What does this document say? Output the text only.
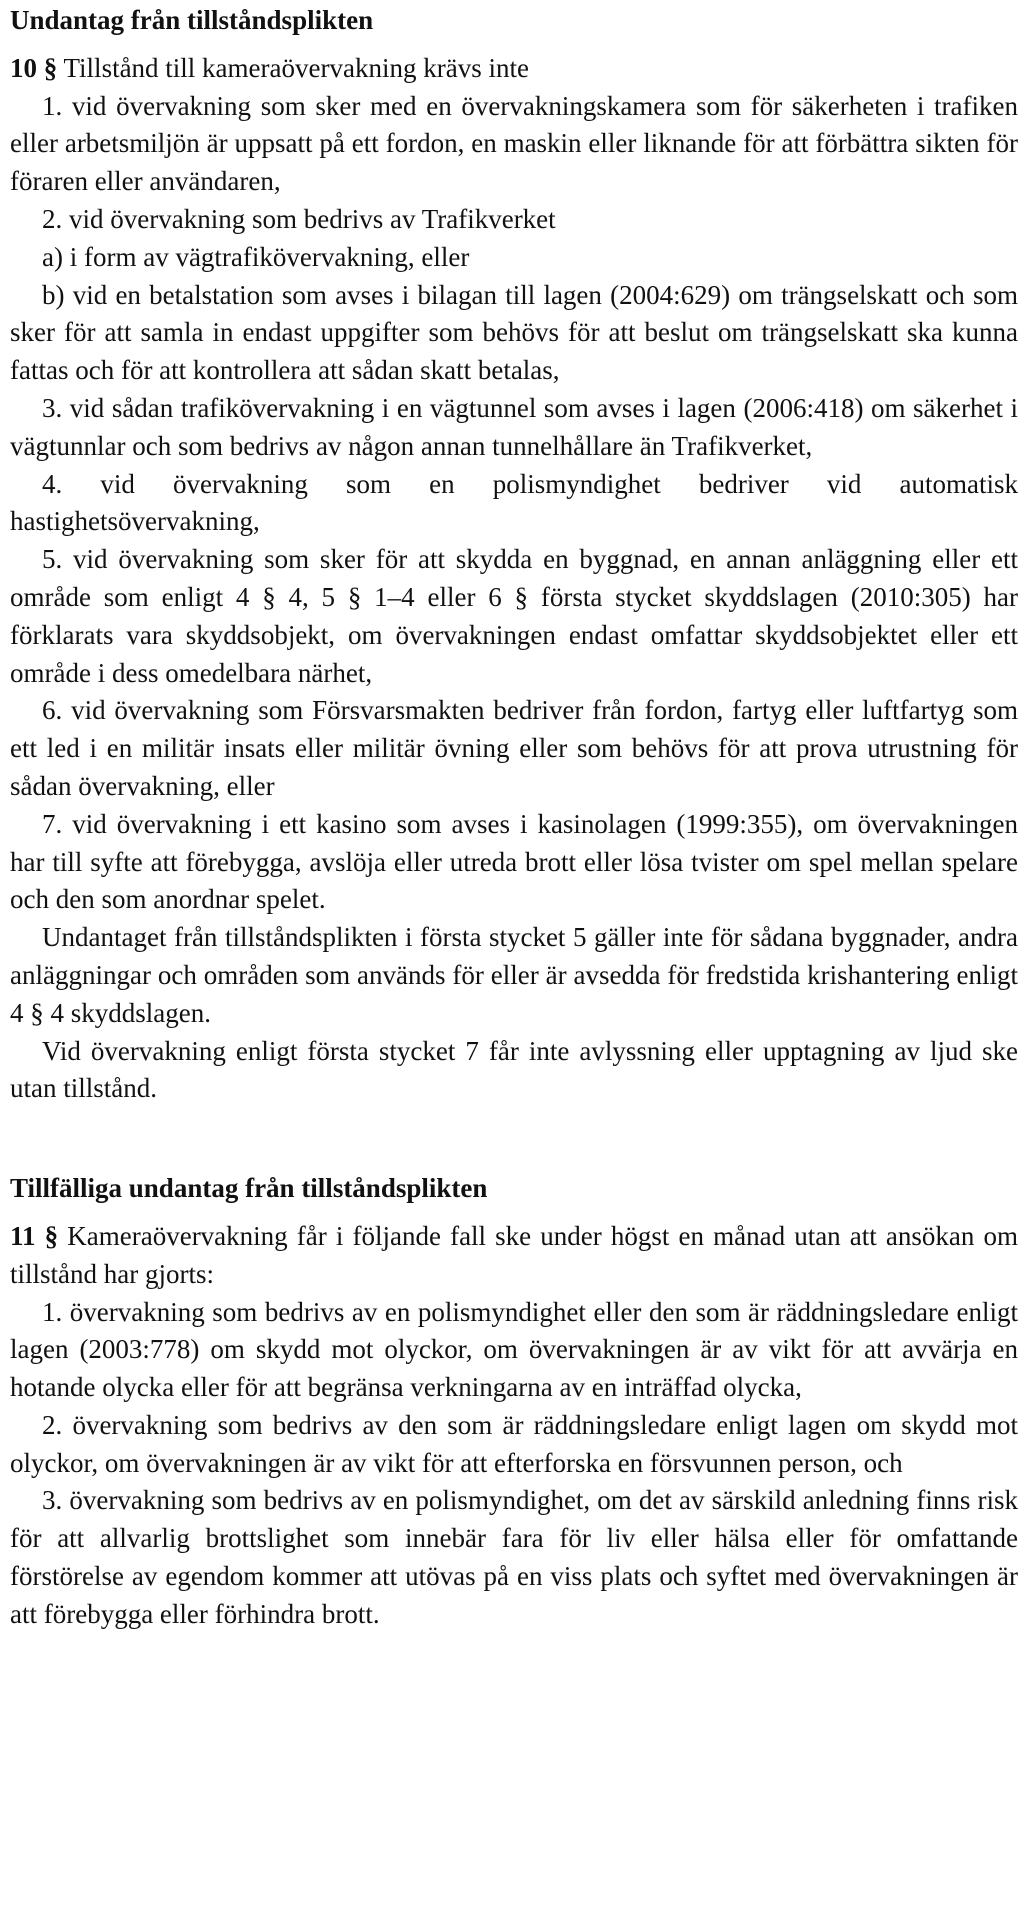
Undantag från tillståndsplikten

10 § Tillstånd till kameraövervakning krävs inte

1. vid övervakning som sker med en övervakningskamera som för säkerheten i trafiken eller arbetsmiljön är uppsatt på ett fordon, en maskin eller liknande för att förbättra sikten för föraren eller användaren,

2. vid övervakning som bedrivs av Trafikverket

a) i form av vägtrafikövervakning, eller

b) vid en betalstation som avses i bilagan till lagen (2004:629) om trängselskatt och som sker för att samla in endast uppgifter som behövs för att beslut om trängselskatt ska kunna fattas och för att kontrollera att sådan skatt betalas,

3. vid sådan trafikövervakning i en vägtunnel som avses i lagen (2006:418) om säkerhet i vägtunnlar och som bedrivs av någon annan tunnelhållare än Trafikverket,

4. vid övervakning som en polismyndighet bedriver vid automatisk hastighetsövervakning,

5. vid övervakning som sker för att skydda en byggnad, en annan anläggning eller ett område som enligt 4 § 4, 5 § 1–4 eller 6 § första stycket skyddslagen (2010:305) har förklarats vara skyddsobjekt, om övervakningen endast omfattar skyddsobjektet eller ett område i dess omedelbara närhet,

6. vid övervakning som Försvarsmakten bedriver från fordon, fartyg eller luftfartyg som ett led i en militär insats eller militär övning eller som behövs för att prova utrustning för sådan övervakning, eller

7. vid övervakning i ett kasino som avses i kasinolagen (1999:355), om övervakningen har till syfte att förebygga, avslöja eller utreda brott eller lösa tvister om spel mellan spelare och den som anordnar spelet.

Undantaget från tillståndsplikten i första stycket 5 gäller inte för sådana byggnader, andra anläggningar och områden som används för eller är avsedda för fredstida krishantering enligt 4 § 4 skyddslagen.

Vid övervakning enligt första stycket 7 får inte avlyssning eller upptagning av ljud ske utan tillstånd.

Tillfälliga undantag från tillståndsplikten

11 § Kameraövervakning får i följande fall ske under högst en månad utan att ansökan om tillstånd har gjorts:

1. övervakning som bedrivs av en polismyndighet eller den som är räddningsledare enligt lagen (2003:778) om skydd mot olyckor, om övervakningen är av vikt för att avvärja en hotande olycka eller för att begränsa verkningarna av en inträffad olycka,

2. övervakning som bedrivs av den som är räddningsledare enligt lagen om skydd mot olyckor, om övervakningen är av vikt för att efterforska en försvunnen person, och

3. övervakning som bedrivs av en polismyndighet, om det av särskild anledning finns risk för att allvarlig brottslighet som innebär fara för liv eller hälsa eller för omfattande förstörelse av egendom kommer att utövas på en viss plats och syftet med övervakningen är att förebygga eller förhindra brott.
